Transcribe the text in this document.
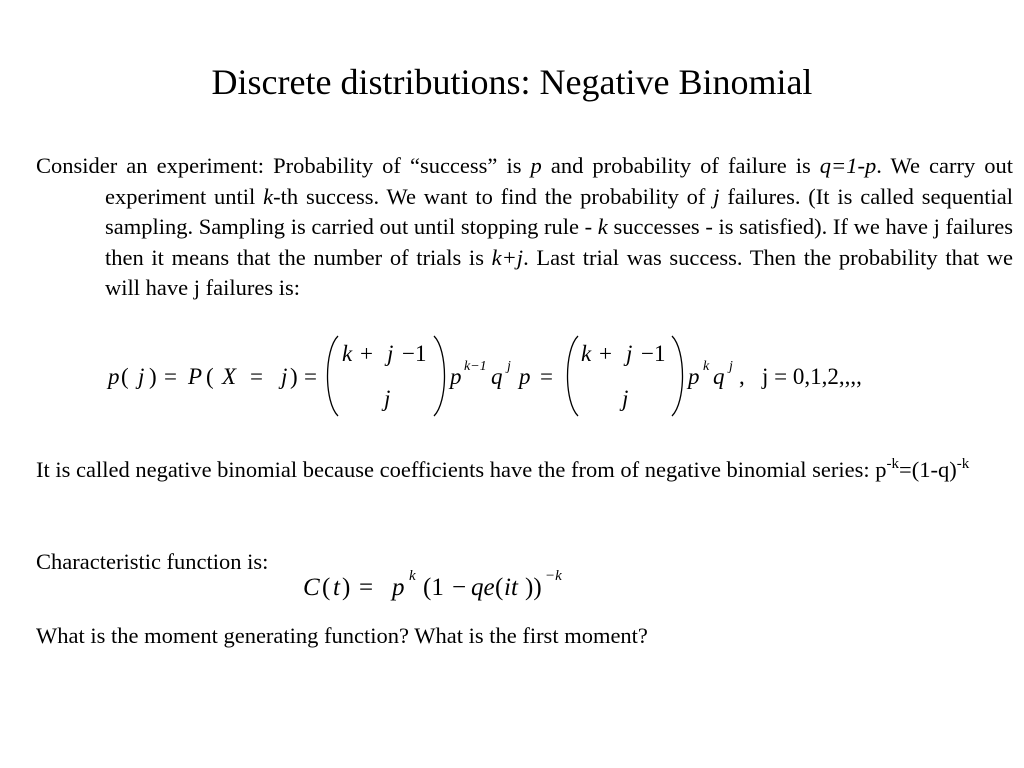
Discrete distributions: Negative Binomial
Consider an experiment: Probability of “success” is p and probability of failure is q=1-p. We carry out experiment until k-th success. We want to find the probability of j failures. (It is called sequential sampling. Sampling is carried out until stopping rule - k successes - is satisfied). If we have j failures then it means that the number of trials is k+j. Last trial was success. Then the probability that we will have j failures is:
p ( j ) = P ( X = j ) =
k + j −1
j
p k−1 q j p =
k + j −1
j
p k q j , j = 0,1,2,,,,
It is called negative binomial because coefficients have the from of negative binomial series: $p^{-k}=(1-q)^{-k}$
Characteristic function is:
C ( t ) = p k (1 − qe ( it )) −k
What is the moment generating function? What is the first moment?
